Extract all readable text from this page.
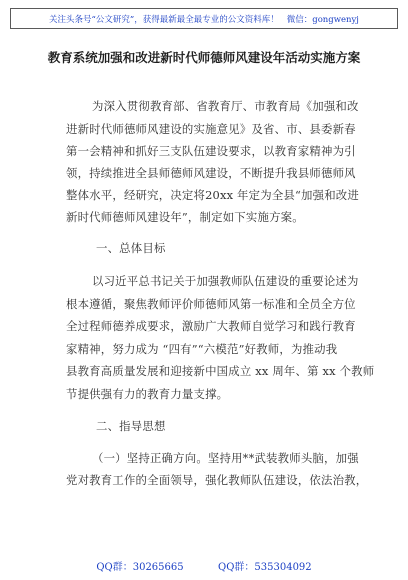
关注头条号“公文研究”，获得最新最全最专业的公文资料库！ 微信：gongwenyj
教育系统加强和改进新时代师德师风建设年活动实施方案
为深入贯彻教育部、省教育厅、市教育局《加强和改
进新时代师德师风建设的实施意见》及省、市、县委新春
第一会精神和抓好三支队伍建设要求，以教育家精神为引
领，持续推进全县师德师风建设，不断提升我县师德师风
整体水平，经研究，决定将20xx 年定为全县“加强和改进
新时代师德师风建设年”，制定如下实施方案。
一、总体目标
以习近平总书记关于加强教师队伍建设的重要论述为
根本遵循，聚焦教师评价师德师风第一标准和全员全方位
全过程师德养成要求，激励广大教师自觉学习和践行教育
家精神，努力成为 “四有”“六模范”好教师，为推动我
县教育高质量发展和迎接新中国成立 xx 周年、第 xx 个教师
节提供强有力的教育力量支撑。
二、指导思想
（一）坚持正确方向。坚持用**武装教师头脑，加强
党对教育工作的全面领导，强化教师队伍建设，依法治教，
QQ群：30265665	QQ群：535304092
